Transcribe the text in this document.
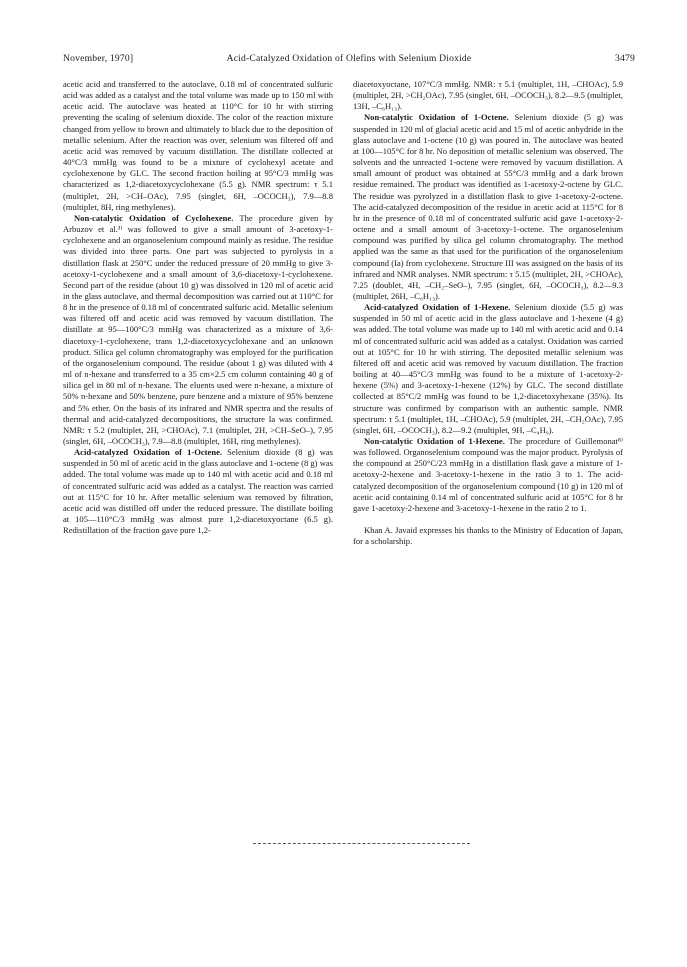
November, 1970]	Acid-Catalyzed Oxidation of Olefins with Selenium Dioxide	3479

acetic acid and transferred to the autoclave, 0.18 ml of concentrated sulfuric acid was added as a catalyst and the total volume was made up to 150 ml with acetic acid. The autoclave was heated at 110°C for 10 hr with stirring preventing the scaling of selenium dioxide. The color of the reaction mixture changed from yellow to brown and ultimately to black due to the deposition of metallic selenium. After the reaction was over, selenium was filtered off and acetic acid was removed by vacuum distillation. The distillate collected at 40°C/3 mmHg was found to be a mixture of cyclohexyl acetate and cyclohexenone by GLC. The second fraction boiling at 95°C/3 mmHg was characterized as 1,2-diacetoxycyclohexane (5.5 g). NMR spectrum: τ 5.1 (multiplet, 2H, >CH–OAc), 7.95 (singlet, 6H, –OCOCH₃), 7.9—8.8 (multiplet, 8H, ring methylenes).

Non-catalytic Oxidation of Cyclohexene. The procedure given by Arbuzov et al.³⁾ was followed to give a small amount of 3-acetoxy-1-cyclohexene and an organoselenium compound mainly as residue. The residue was divided into three parts. One part was subjected to pyrolysis in a distillation flask at 250°C under the reduced pressure of 20 mmHg to give 3-acetoxy-1-cyclohexene and a small amount of 3,6-diacetoxy-1-cyclohexene. Second part of the residue (about 10 g) was dissolved in 120 ml of acetic acid in the glass autoclave, and thermal decomposition was carried out at 110°C for 8 hr in the presence of 0.18 ml of concentrated sulfuric acid. Metallic selenium was filtered off and acetic acid was removed by vacuum distillation. The distillate at 95—100°C/3 mmHg was characterized as a mixture of 3,6-diacetoxy-1-cyclohexene, trans 1,2-diacetoxycyclohexane and an unknown product. Silica gel column chromatography was employed for the purification of the organoselenium compound. The residue (about 1 g) was diluted with 4 ml of n-hexane and transferred to a 35 cm×2.5 cm column containing 40 g of silica gel in 80 ml of n-hexane. The eluents used were n-hexane, a mixture of 50% n-hexane and 50% benzene, pure benzene and a mixture of 95% benzene and 5% ether. On the basis of its infrared and NMR spectra and the results of thermal and acid-catalyzed decompositions, the structure Ia was confirmed. NMR: τ 5.2 (multiplet, 2H, >CHOAc), 7.1 (multiplet, 2H, >CH–SeO–), 7.95 (singlet, 6H, –OCOCH₃), 7.9—8.8 (multiplet, 16H, ring methylenes).

Acid-catalyzed Oxidation of 1-Octene. Selenium dioxide (8 g) was suspended in 50 ml of acetic acid in the glass autoclave and 1-octene (8 g) was added. The total volume was made up to 140 ml with acetic acid and 0.18 ml of concentrated sulfuric acid was added as a catalyst. The reaction was carried out at 115°C for 10 hr. After metallic selenium was removed by filtration, acetic acid was distilled off under the reduced pressure. The distillate boiling at 105—110°C/3 mmHg was almost pure 1,2-diacetoxyoctane (6.5 g). Redistillation of the fraction gave pure 1,2-

diacetoxyoctane, 107°C/3 mmHg. NMR: τ 5.1 (multiplet, 1H, –CHOAc), 5.9 (multiplet, 2H, >CH₂OAc), 7.95 (singlet, 6H, –OCOCH₃), 8.2—9.5 (multiplet, 13H, –C₆H₁₃).

Non-catalytic Oxidation of 1-Octene. Selenium dioxide (5 g) was suspended in 120 ml of glacial acetic acid and 15 ml of acetic anhydride in the glass autoclave and 1-octene (10 g) was poured in. The autoclave was heated at 100—105°C for 8 hr. No deposition of metallic selenium was observed. The solvents and the unreacted 1-octene were removed by vacuum distillation. A small amount of product was obtained at 55°C/3 mmHg and a dark brown residue remained. The product was identified as 1-acetoxy-2-octene by GLC. The residue was pyrolyzed in a distillation flask to give 1-acetoxy-2-octene. The acid-catalyzed decomposition of the residue in acetic acid at 115°C for 8 hr in the presence of 0.18 ml of concentrated sulfuric acid gave 1-acetoxy-2-octene and a small amount of 3-acetoxy-1-octene. The organoselenium compound was purified by silica gel column chromatography. The method applied was the same as that used for the purification of the organoselenium compound (Ia) from cyclohexene. Structure III was assigned on the basis of its infrared and NMR analyses. NMR spectrum: τ 5.15 (multiplet, 2H, >CHOAc), 7.25 (doublet, 4H, –CH₂–SeO–), 7.95 (singlet, 6H, –OCOCH₃), 8.2—9.3 (multiplet, 26H, –C₆H₁₃).

Acid-catalyzed Oxidation of 1-Hexene. Selenium dioxide (5.5 g) was suspended in 50 ml of acetic acid in the glass autoclave and 1-hexene (4 g) was added. The total volume was made up to 140 ml with acetic acid and 0.14 ml of concentrated sulfuric acid was added as a catalyst. Oxidation was carried out at 105°C for 10 hr with stirring. The deposited metallic selenium was filtered off and acetic acid was removed by vacuum distillation. The fraction boiling at 40—45°C/3 mmHg was found to be a mixture of 1-acetoxy-2-hexene (5%) and 3-acetoxy-1-hexene (12%) by GLC. The second distillate collected at 85°C/2 mmHg was found to be 1,2-diacetoxyhexane (35%). Its structure was confirmed by comparison with an authentic sample. NMR spectrum: τ 5.1 (multiplet, 1H, –CHOAc), 5.9 (multiplet, 2H, –CH₂OAc), 7.95 (singlet, 6H, –OCOCH₃), 8.2—9.2 (multiplet, 9H, –C₄H₉).

Non-catalytic Oxidation of 1-Hexene. The procedure of Guillemonat⁸⁾ was followed. Organoselenium compound was the major product. Pyrolysis of the compound at 250°C/23 mmHg in a distillation flask gave a mixture of 1-acetoxy-2-hexene and 3-acetoxy-1-hexene in the ratio 3 to 1. The acid-catalyzed decomposition of the organoselenium compound (10 g) in 120 ml of acetic acid containing 0.14 ml of concentrated sulfuric acid at 105°C for 8 hr gave 1-acetoxy-2-hexene and 3-acetoxy-1-hexene in the ratio 2 to 1.

Khan A. Javaid expresses his thanks to the Ministry of Education of Japan, for a scholarship.
